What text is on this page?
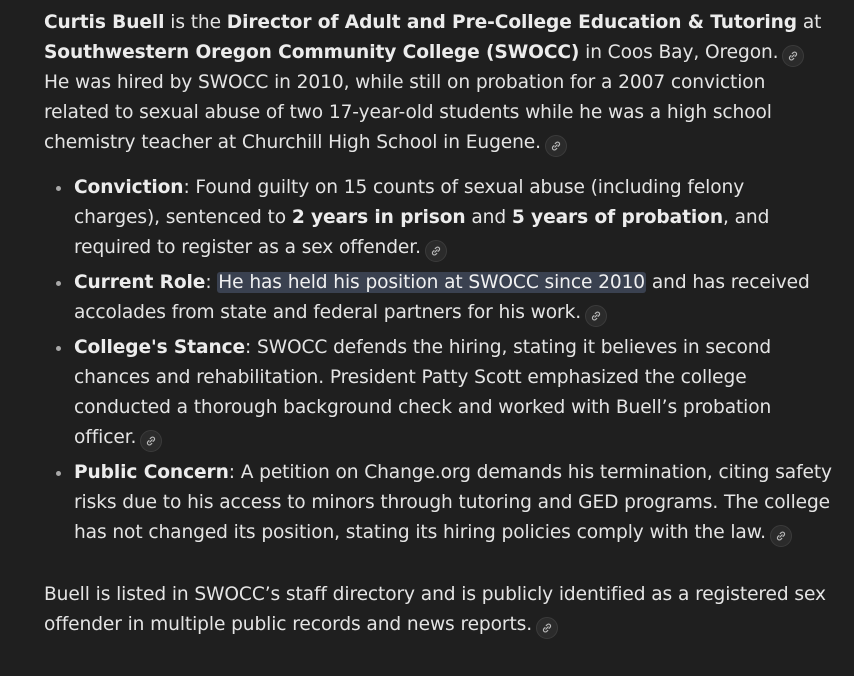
Curtis Buell is the Director of Adult and Pre-College Education & Tutoring at Southwestern Oregon Community College (SWOCC) in Coos Bay, Oregon.
He was hired by SWOCC in 2010, while still on probation for a 2007 conviction related to sexual abuse of two 17-year-old students while he was a high school chemistry teacher at Churchill High School in Eugene.

Conviction: Found guilty on 15 counts of sexual abuse (including felony charges), sentenced to 2 years in prison and 5 years of probation, and required to register as a sex offender.
Current Role: He has held his position at SWOCC since 2010 and has received accolades from state and federal partners for his work.
College's Stance: SWOCC defends the hiring, stating it believes in second chances and rehabilitation. President Patty Scott emphasized the college conducted a thorough background check and worked with Buell’s probation officer.
Public Concern: A petition on Change.org demands his termination, citing safety risks due to his access to minors through tutoring and GED programs. The college has not changed its position, stating its hiring policies comply with the law.

Buell is listed in SWOCC’s staff directory and is publicly identified as a registered sex offender in multiple public records and news reports.
